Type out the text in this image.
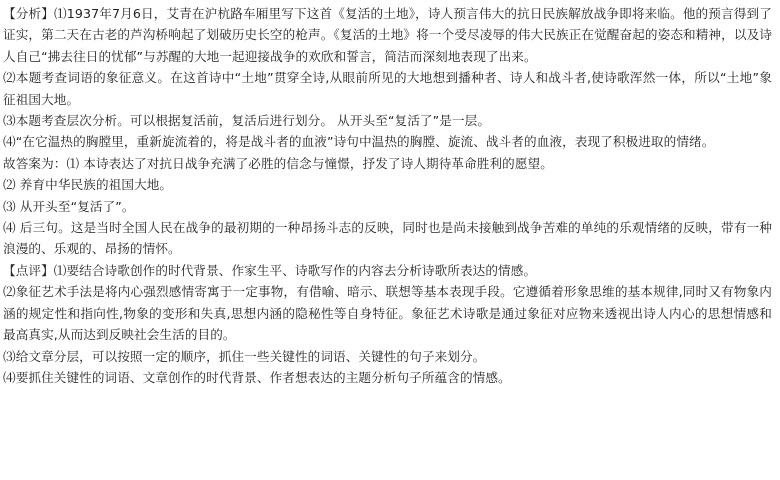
【分析】⑴1937年7月6日，艾青在沪杭路车厢里写下这首《复活的土地》，诗人预言伟大的抗日民族解放战争即将来临。他的预言得到了证实，第二天在古老的芦沟桥响起了划破历史长空的枪声。《复活的土地》将一个受尽凌辱的伟大民族正在觉醒奋起的姿态和精神，以及诗人自己“拂去往日的忧郁”与苏醒的大地一起迎接战争的欢欣和誓言，简洁而深刻地表现了出来。

⑵本题考查词语的象征意义。在这首诗中“土地”贯穿全诗,从眼前所见的大地想到播种者、诗人和战斗者,使诗歌浑然一体，所以“土地”象征祖国大地。

⑶本题考查层次分析。可以根据复活前，复活后进行划分。 从开头至“复活了”是一层。

⑷“在它温热的胸膛里，重新旋流着的，将是战斗者的血液”诗句中温热的胸膛、旋流、战斗者的血液，表现了积极进取的情绪。

故答案为：⑴ 本诗表达了对抗日战争充满了必胜的信念与憧憬，抒发了诗人期待革命胜利的愿望。

⑵ 养育中华民族的祖国大地。

⑶ 从开头至“复活了”。

⑷ 后三句。这是当时全国人民在战争的最初期的一种昂扬斗志的反映，同时也是尚未接触到战争苦难的单纯的乐观情绪的反映，带有一种浪漫的、乐观的、昂扬的情怀。

【点评】⑴要结合诗歌创作的时代背景、作家生平、诗歌写作的内容去分析诗歌所表达的情感。

⑵象征艺术手法是将内心强烈感情寄寓于一定事物，有借喻、暗示、联想等基本表现手段。它遵循着形象思维的基本规律,同时又有物象内涵的规定性和指向性,物象的变形和失真,思想内涵的隐秘性等自身特征。象征艺术诗歌是通过象征对应物来透视出诗人内心的思想情感和最高真实,从而达到反映社会生活的目的。

⑶给文章分层，可以按照一定的顺序，抓住一些关键性的词语、关键性的句子来划分。

⑷要抓住关键性的词语、文章创作的时代背景、作者想表达的主题分析句子所蕴含的情感。
